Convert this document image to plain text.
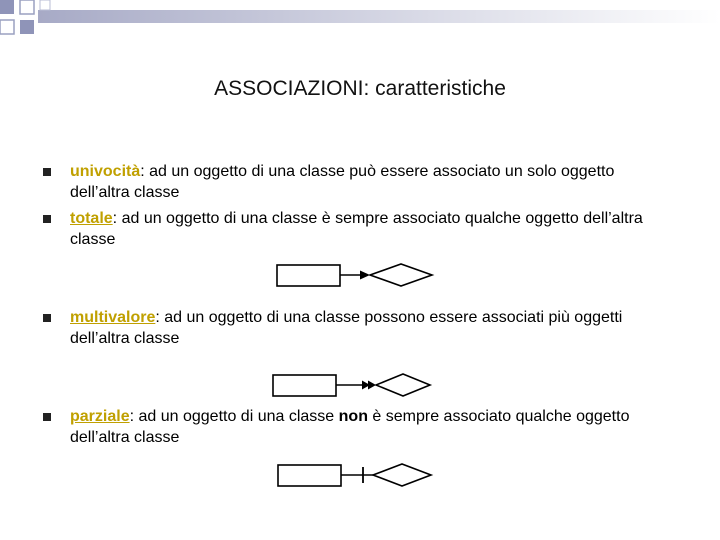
ASSOCIAZIONI: caratteristiche
univocità: ad un oggetto di una classe può essere associato un solo oggetto dell’altra classe
totale: ad un oggetto di una classe è sempre associato qualche oggetto dell’altra classe
multivalore: ad un oggetto di una classe possono essere associati più oggetti dell’altra classe
parziale: ad un oggetto di una classe non è sempre associato qualche oggetto dell’altra classe
